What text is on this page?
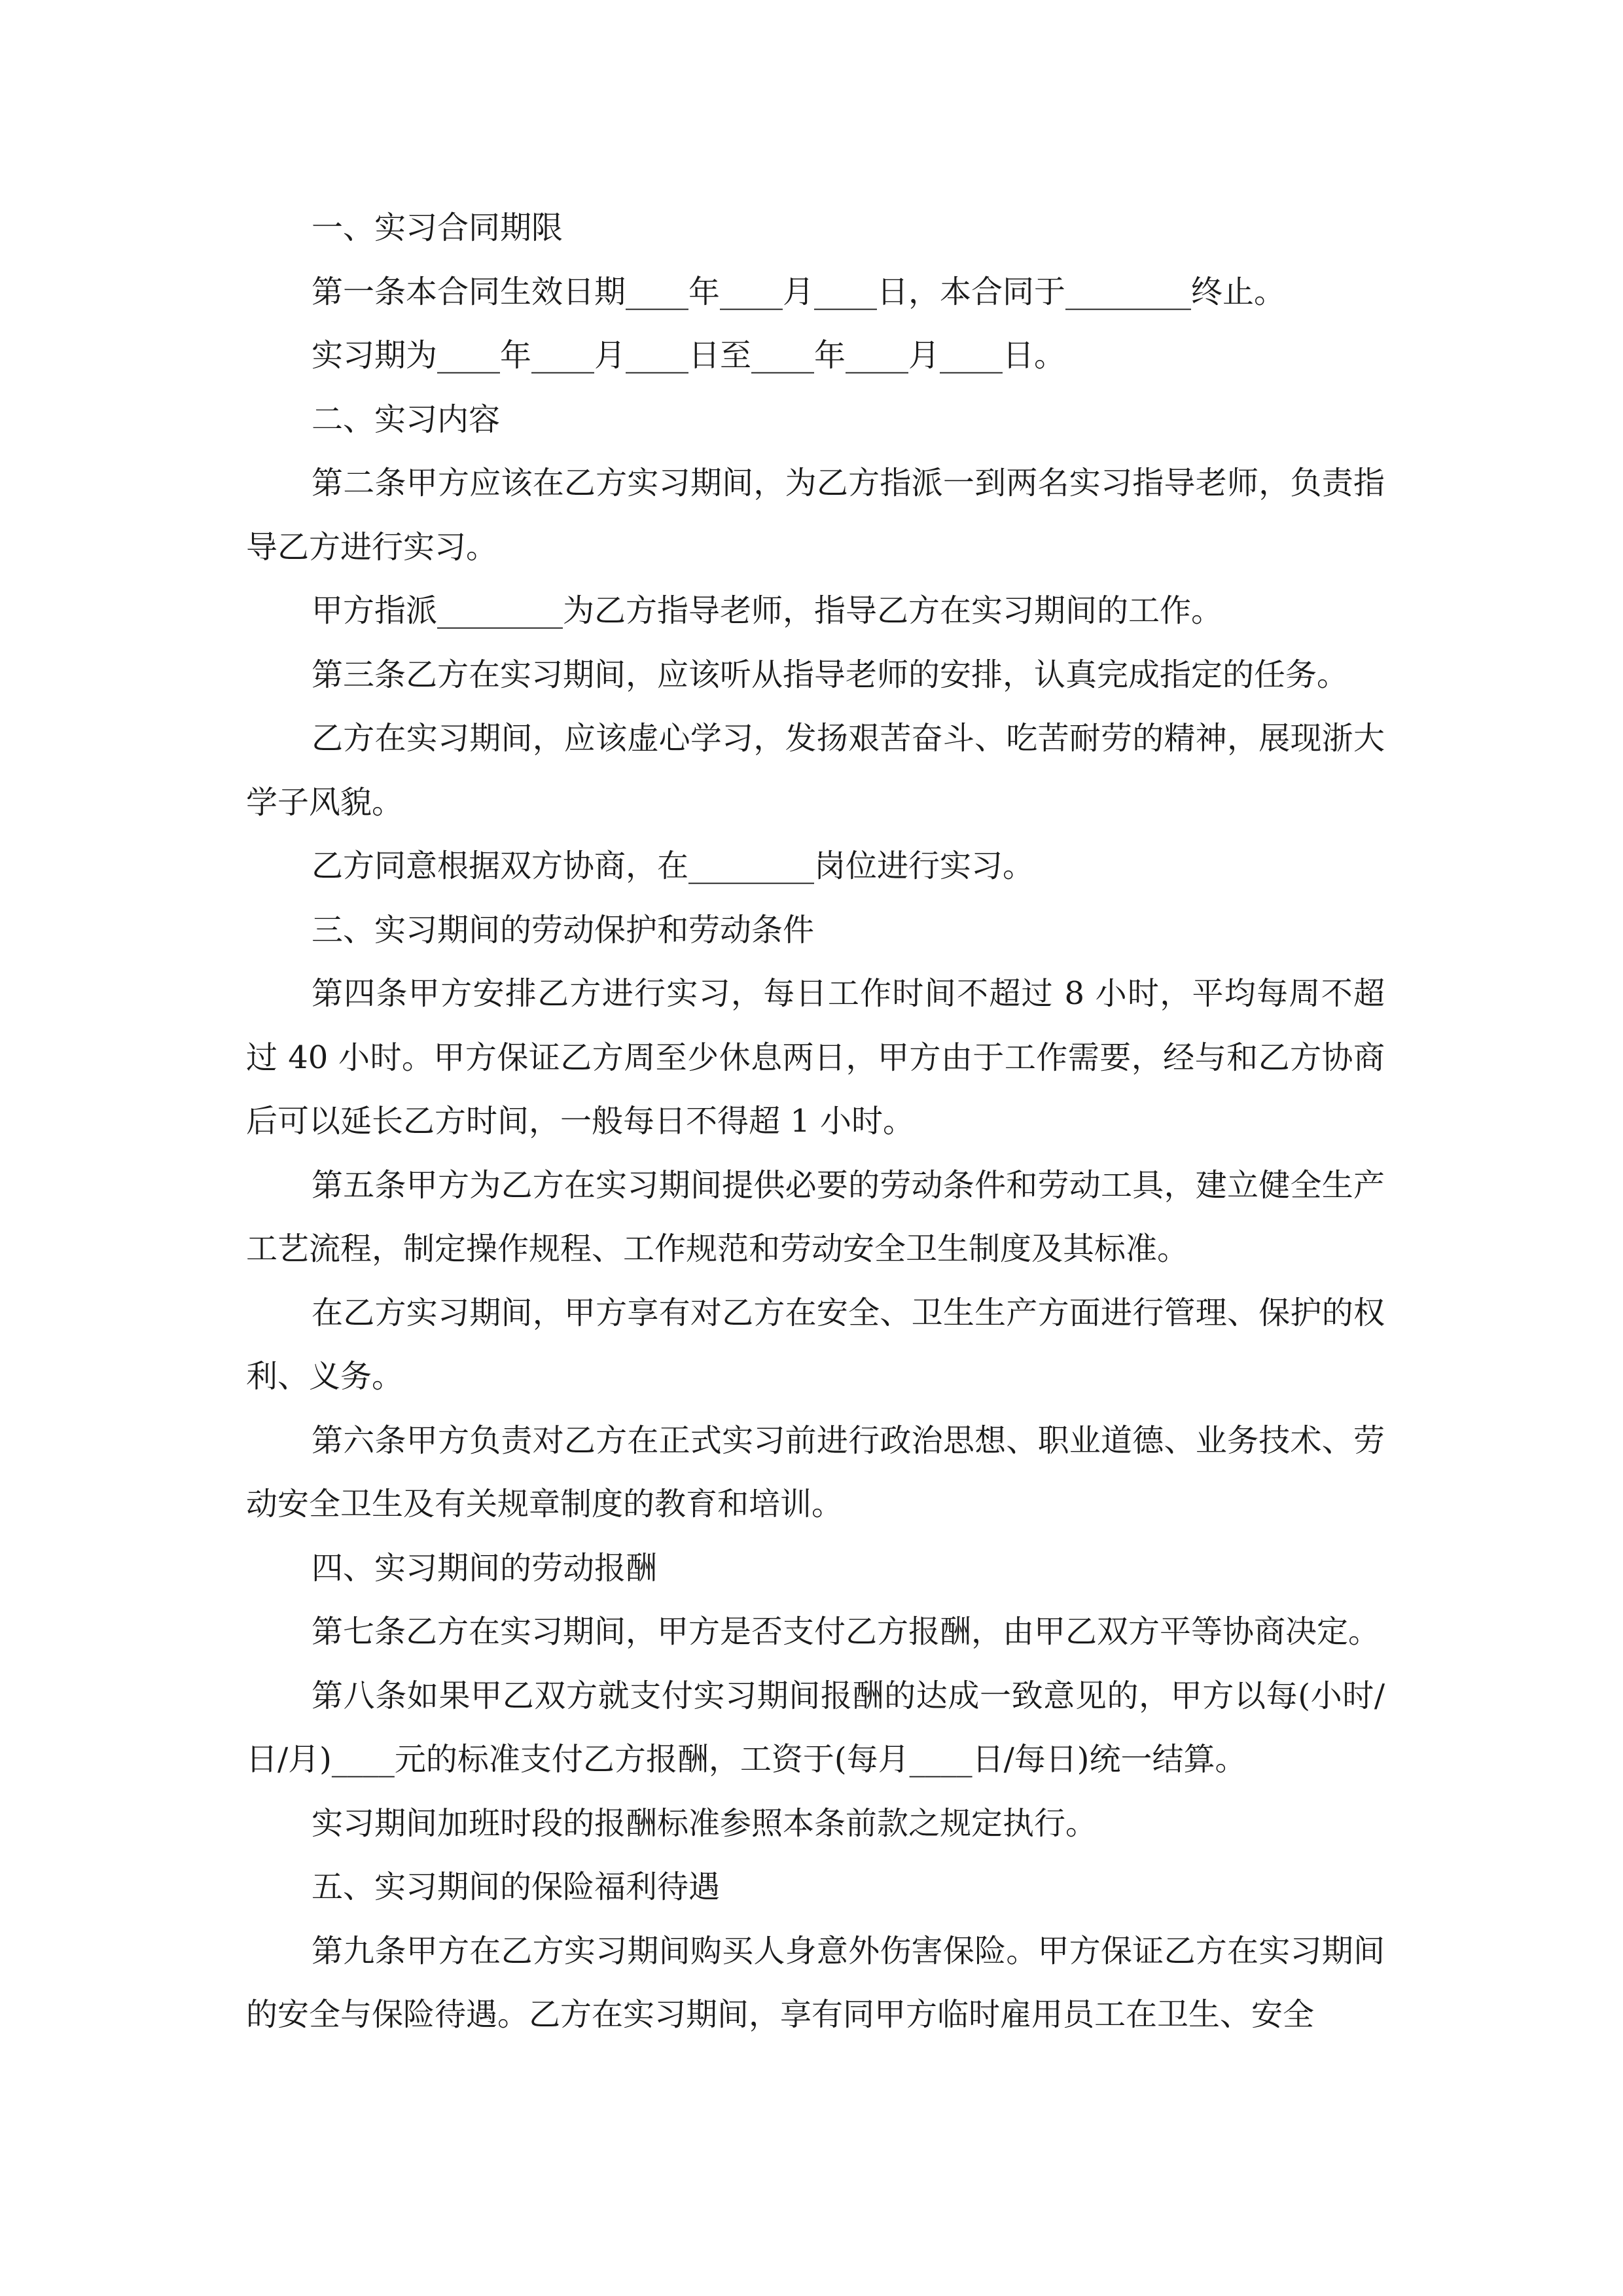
一、实习合同期限

第一条本合同生效日期____年____月____日，本合同于________终止。

实习期为____年____月____日至____年____月____日。

二、实习内容

第二条甲方应该在乙方实习期间，为乙方指派一到两名实习指导老师，负责指导乙方进行实习。

甲方指派________为乙方指导老师，指导乙方在实习期间的工作。

第三条乙方在实习期间，应该听从指导老师的安排，认真完成指定的任务。

乙方在实习期间，应该虚心学习，发扬艰苦奋斗、吃苦耐劳的精神，展现浙大学子风貌。

乙方同意根据双方协商，在________岗位进行实习。

三、实习期间的劳动保护和劳动条件

第四条甲方安排乙方进行实习，每日工作时间不超过 8 小时，平均每周不超过 40 小时。甲方保证乙方周至少休息两日，甲方由于工作需要，经与和乙方协商后可以延长乙方时间，一般每日不得超 1 小时。

第五条甲方为乙方在实习期间提供必要的劳动条件和劳动工具，建立健全生产工艺流程，制定操作规程、工作规范和劳动安全卫生制度及其标准。

在乙方实习期间，甲方享有对乙方在安全、卫生生产方面进行管理、保护的权利、义务。

第六条甲方负责对乙方在正式实习前进行政治思想、职业道德、业务技术、劳动安全卫生及有关规章制度的教育和培训。

四、实习期间的劳动报酬

第七条乙方在实习期间，甲方是否支付乙方报酬，由甲乙双方平等协商决定。

第八条如果甲乙双方就支付实习期间报酬的达成一致意见的，甲方以每(小时/日/月)____元的标准支付乙方报酬，工资于(每月____日/每日)统一结算。

实习期间加班时段的报酬标准参照本条前款之规定执行。

五、实习期间的保险福利待遇

第九条甲方在乙方实习期间购买人身意外伤害保险。甲方保证乙方在实习期间的安全与保险待遇。乙方在实习期间，享有同甲方临时雇用员工在卫生、安全
